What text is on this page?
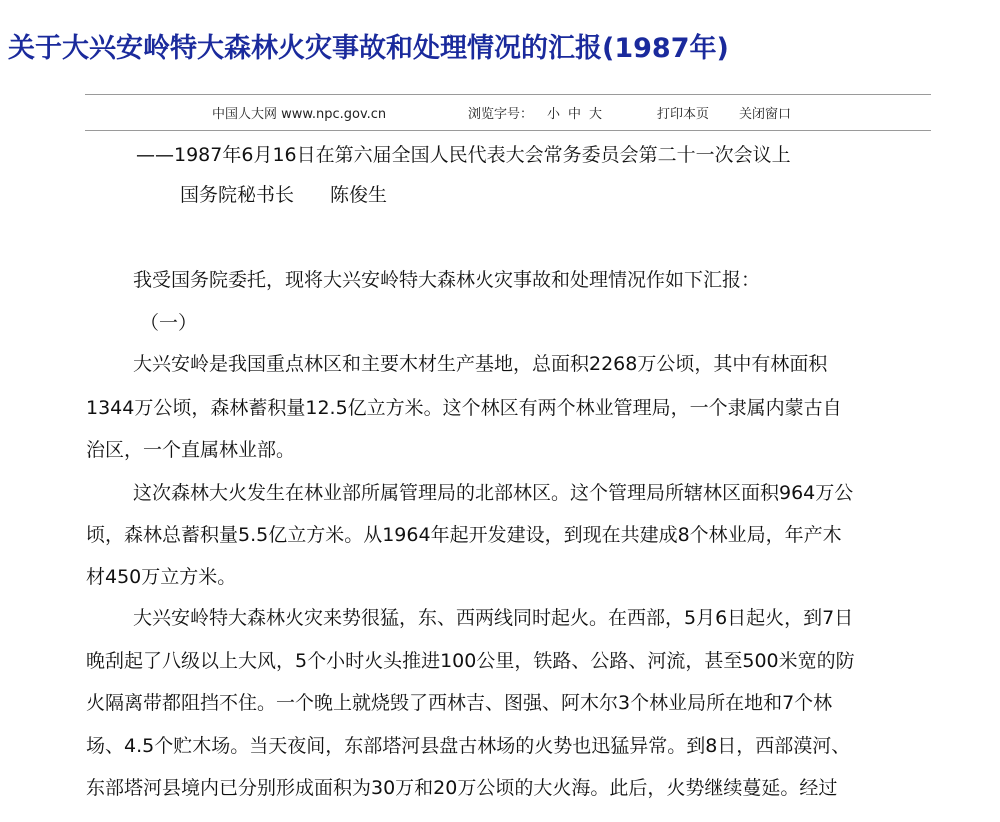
关于大兴安岭特大森林火灾事故和处理情况的汇报(1987年)
中国人大网 www.npc.gov.cn	浏览字号： 小 中 大	打印本页 关闭窗口
——1987年6月16日在第六届全国人民代表大会常务委员会第二十一次会议上
国务院秘书长 陈俊生
我受国务院委托，现将大兴安岭特大森林火灾事故和处理情况作如下汇报：
（一）
大兴安岭是我国重点林区和主要木材生产基地，总面积2268万公顷，其中有林面积
1344万公顷，森林蓄积量12.5亿立方米。这个林区有两个林业管理局，一个隶属内蒙古自
治区，一个直属林业部。
这次森林大火发生在林业部所属管理局的北部林区。这个管理局所辖林区面积964万公
顷，森林总蓄积量5.5亿立方米。从1964年起开发建设，到现在共建成8个林业局，年产木
材450万立方米。
大兴安岭特大森林火灾来势很猛，东、西两线同时起火。在西部，5月6日起火，到7日
晚刮起了八级以上大风，5个小时火头推进100公里，铁路、公路、河流，甚至500米宽的防
火隔离带都阻挡不住。一个晚上就烧毁了西林吉、图强、阿木尔3个林业局所在地和7个林
场、4.5个贮木场。当天夜间，东部塔河县盘古林场的火势也迅猛异常。到8日，西部漠河、
东部塔河县境内已分别形成面积为30万和20万公顷的大火海。此后，火势继续蔓延。经过
